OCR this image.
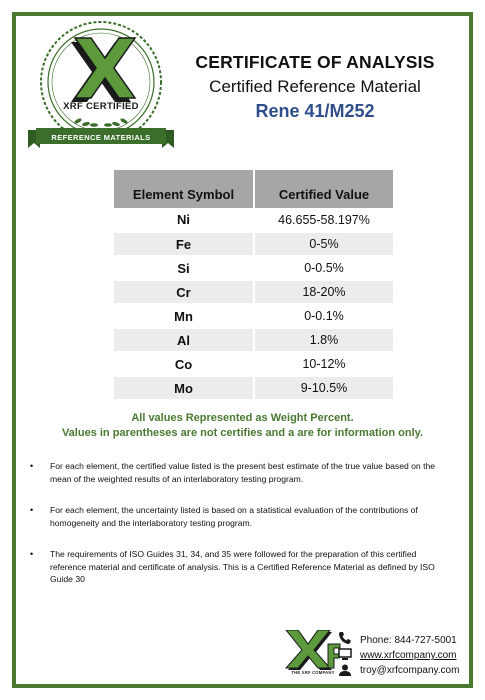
XRF CERTIFIED
REFERENCE MATERIALS
CERTIFICATE OF ANALYSIS
Certified Reference Material
Rene 41/M252
Element Symbol	Certified Value
Ni	46.655-58.197%
Fe	0-5%
Si	0-0.5%
Cr	18-20%
Mn	0-0.1%
Al	1.8%
Co	10-12%
Mo	9-10.5%
All values Represented as Weight Percent.
Values in parentheses are not certifies and a are for information only.
•	For each element, the certified value listed is the present best estimate of the true value based on the mean of the weighted results of an interlaboratory testing program.
•	For each element, the uncertainty listed is based on a statistical evaluation of the contributions of homogeneity and the interlaboratory testing program.
•	The requirements of ISO Guides 31, 34, and 35 were followed for the preparation of this certified reference material and certificate of analysis. This is a Certified Reference Material as defined by ISO Guide 30
THE XRF COMPANY
Phone: 844-727-5001
www.xrfcompany.com
troy@xrfcompany.com
